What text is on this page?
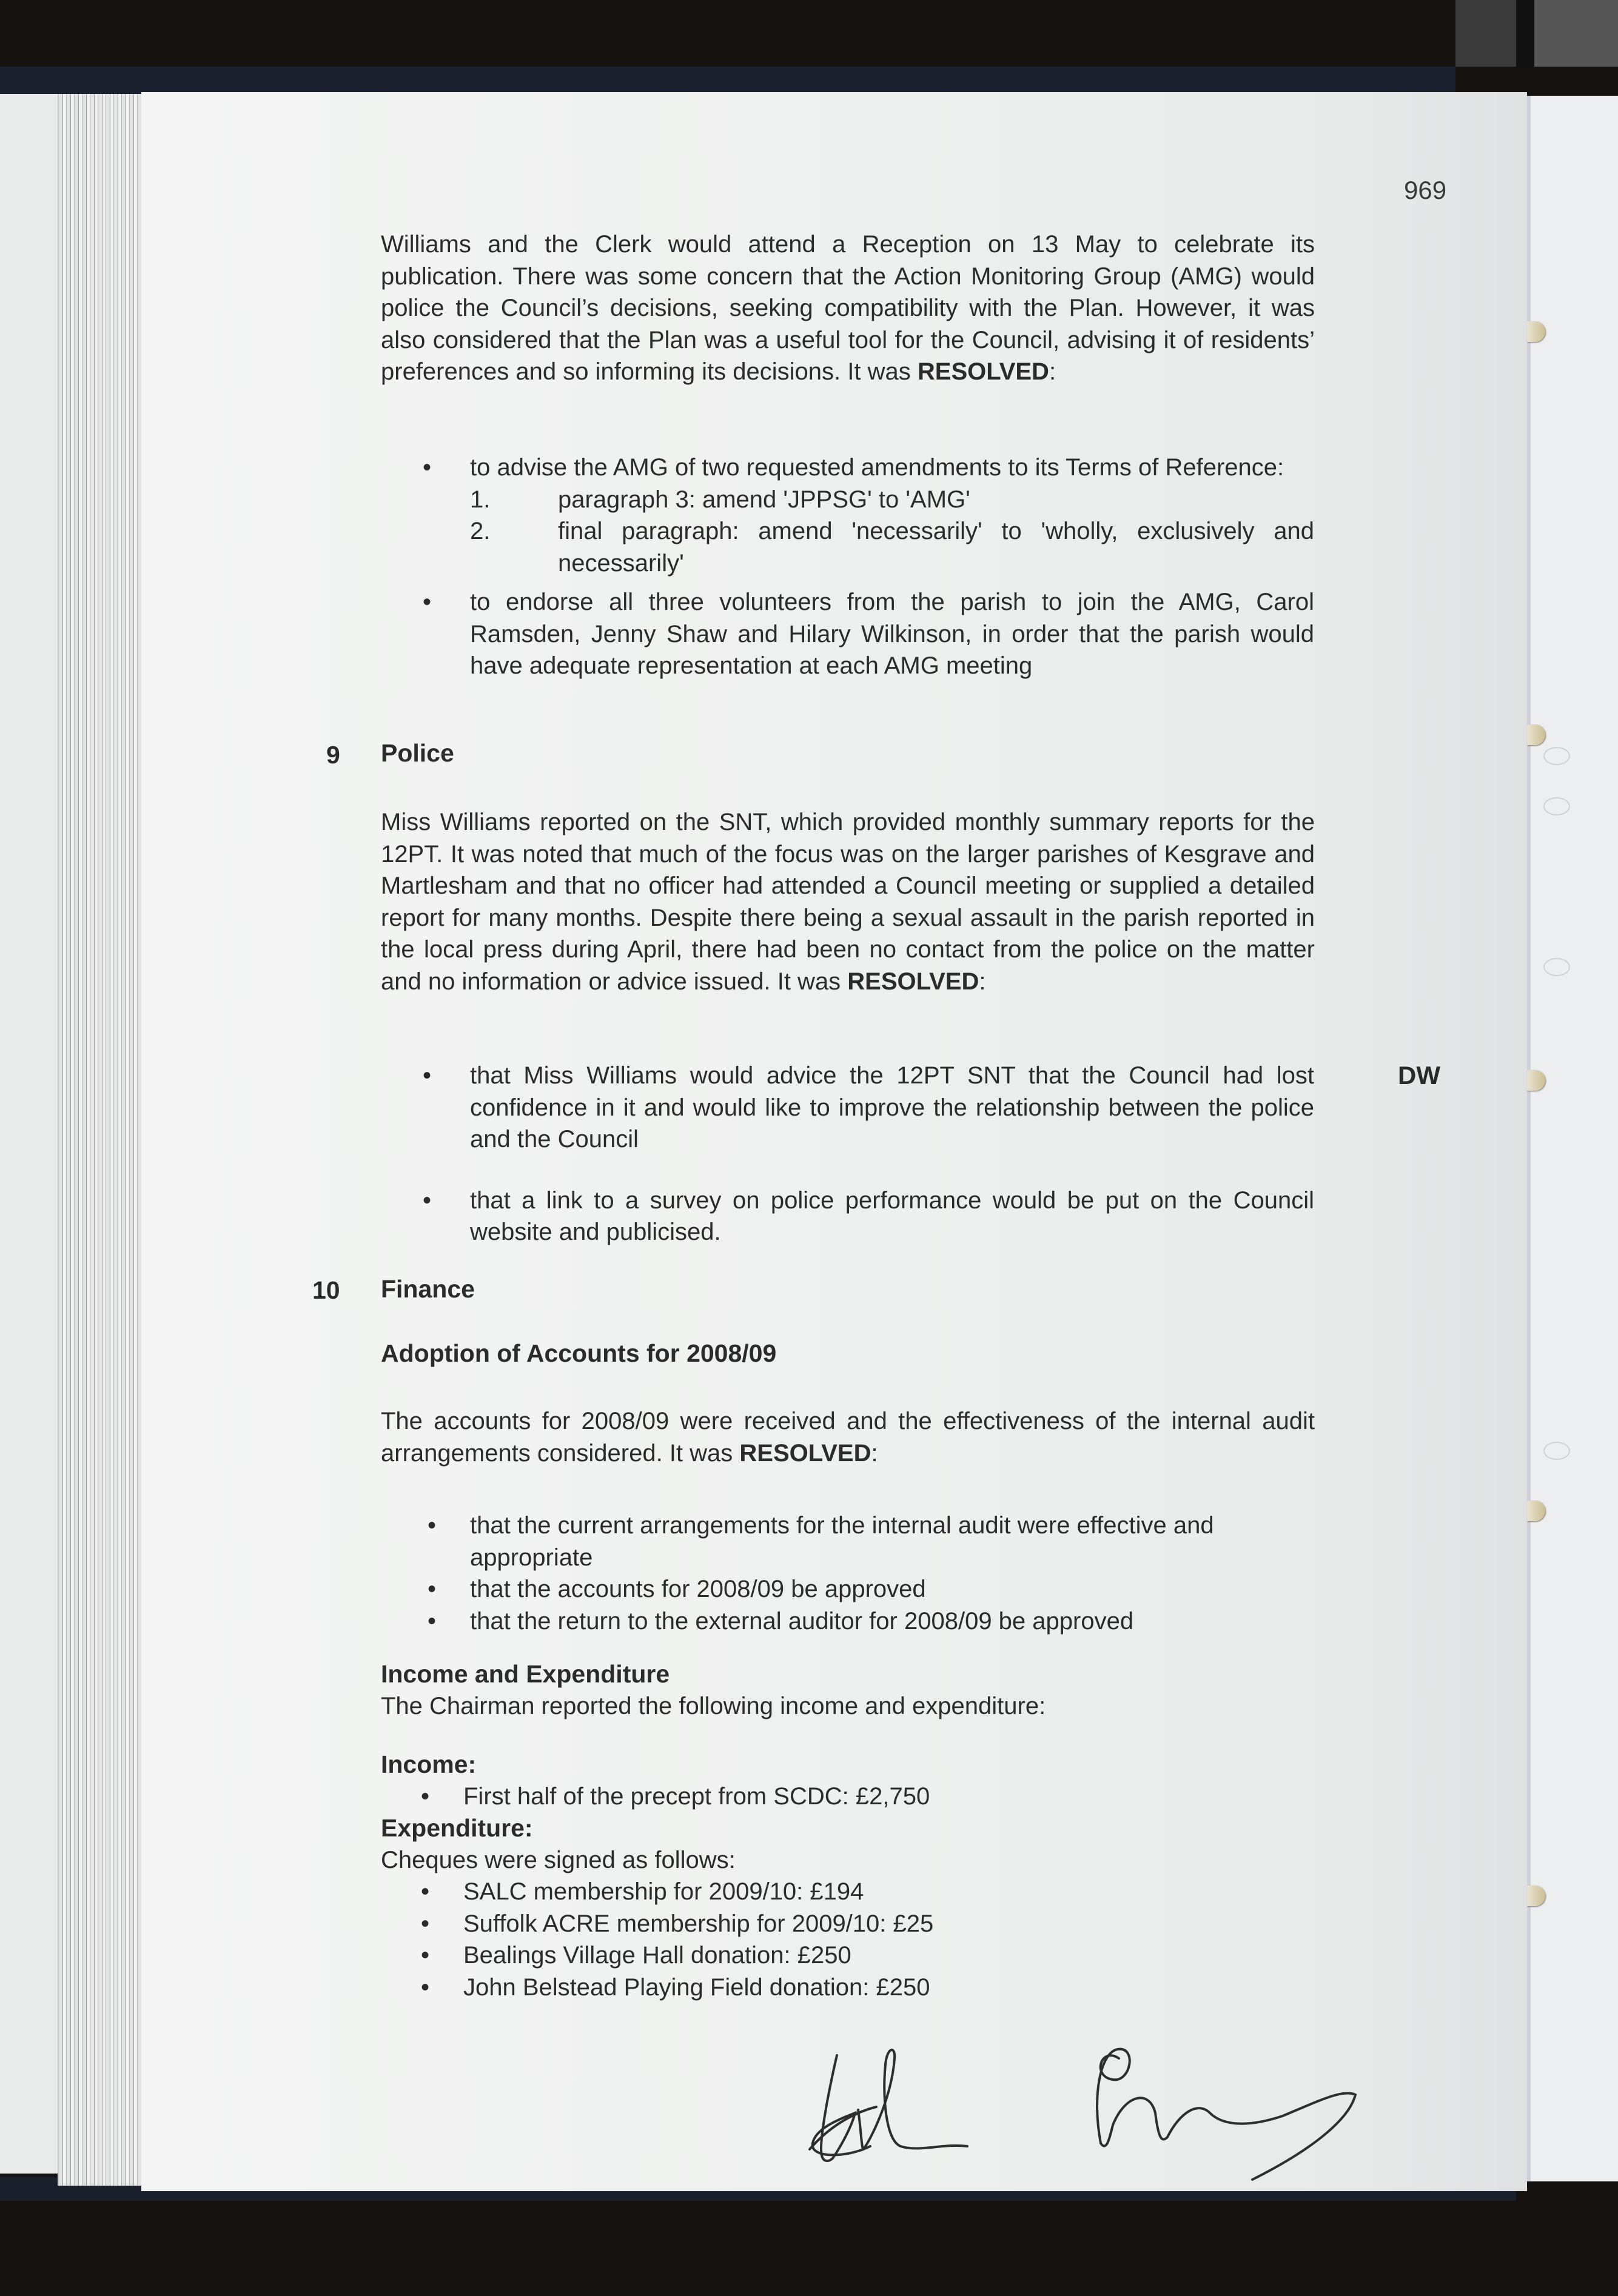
969
Williams and the Clerk would attend a Reception on 13 May to celebrate its publication. There was some concern that the Action Monitoring Group (AMG) would police the Council’s decisions, seeking compatibility with the Plan. However, it was also considered that the Plan was a useful tool for the Council, advising it of residents’ preferences and so informing its decisions. It was RESOLVED:
•	to advise the AMG of two requested amendments to its Terms of Reference:
1.	paragraph 3: amend 'JPPSG' to 'AMG'
2.	final paragraph: amend 'necessarily' to 'wholly, exclusively and necessarily'
•	to endorse all three volunteers from the parish to join the AMG, Carol Ramsden, Jenny Shaw and Hilary Wilkinson, in order that the parish would have adequate representation at each AMG meeting
9 Police
Miss Williams reported on the SNT, which provided monthly summary reports for the 12PT. It was noted that much of the focus was on the larger parishes of Kesgrave and Martlesham and that no officer had attended a Council meeting or supplied a detailed report for many months. Despite there being a sexual assault in the parish reported in the local press during April, there had been no contact from the police on the matter and no information or advice issued. It was RESOLVED:
•	that Miss Williams would advice the 12PT SNT that the Council had lost confidence in it and would like to improve the relationship between the police and the Council
•	that a link to a survey on police performance would be put on the Council website and publicised.
DW
10 Finance
Adoption of Accounts for 2008/09
The accounts for 2008/09 were received and the effectiveness of the internal audit arrangements considered. It was RESOLVED:
• that the current arrangements for the internal audit were effective and appropriate
• that the accounts for 2008/09 be approved
• that the return to the external auditor for 2008/09 be approved
Income and Expenditure
The Chairman reported the following income and expenditure:
Income:
• First half of the precept from SCDC: £2,750
Expenditure:
Cheques were signed as follows:
• SALC membership for 2009/10: £194
• Suffolk ACRE membership for 2009/10: £25
• Bealings Village Hall donation: £250
• John Belstead Playing Field donation: £250
